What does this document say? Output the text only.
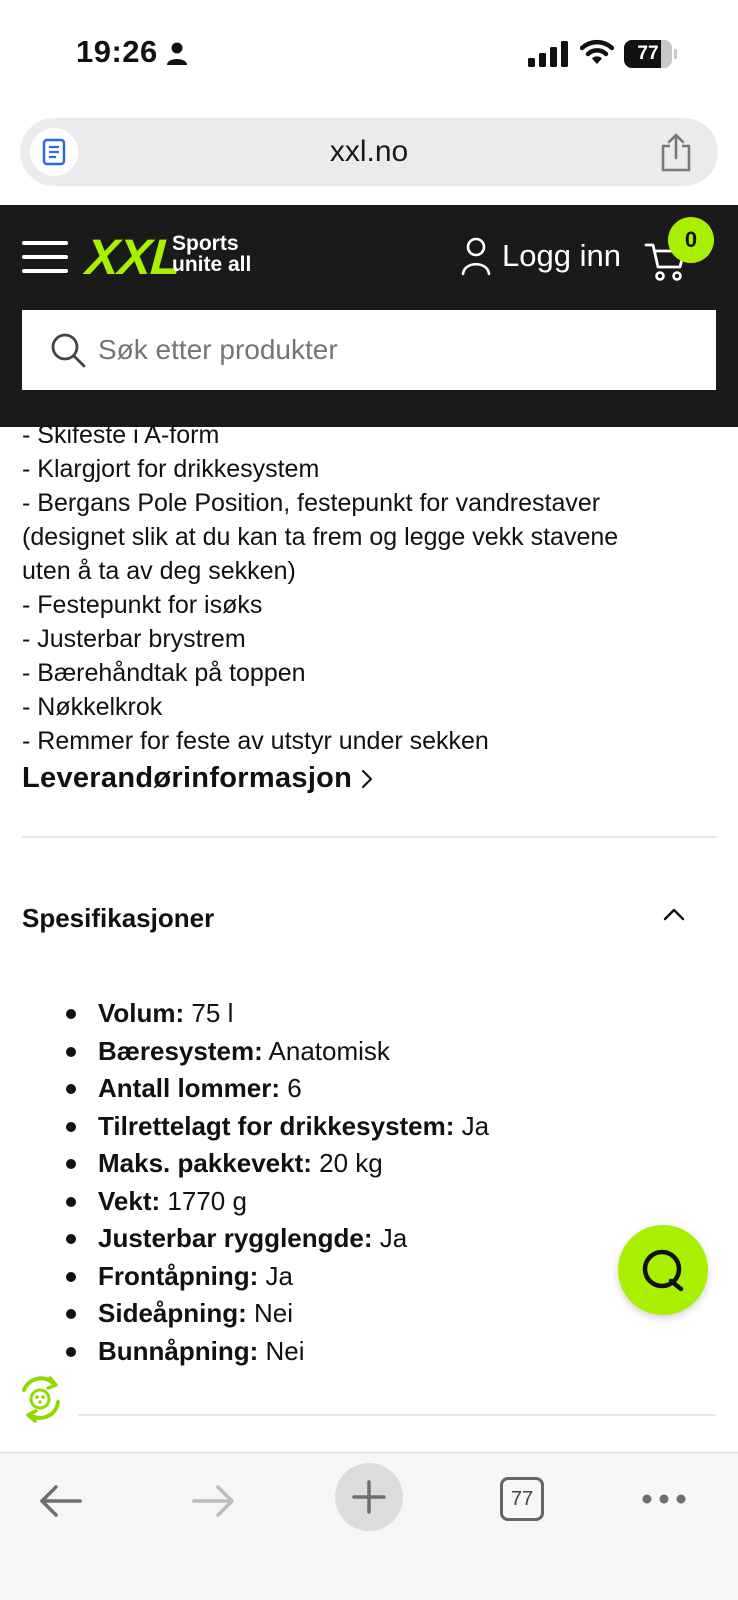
19:26	77
xxl.no
XXL
Sports
unite all	Logg inn	0
Søk etter produkter
- Skifeste i A-form
- Klargjort for drikkesystem
- Bergans Pole Position, festepunkt for vandrestaver
(designet slik at du kan ta frem og legge vekk stavene
uten å ta av deg sekken)
- Festepunkt for isøks
- Justerbar brystrem
- Bærehåndtak på toppen
- Nøkkelkrok
- Remmer for feste av utstyr under sekken
Leverandørinformasjon
Spesifikasjoner
Volum: 75 l
Bæresystem: Anatomisk
Antall lommer: 6
Tilrettelagt for drikkesystem: Ja
Maks. pakkevekt: 20 kg
Vekt: 1770 g
Justerbar rygglengde: Ja
Frontåpning: Ja
Sideåpning: Nei
Bunnåpning: Nei
77
